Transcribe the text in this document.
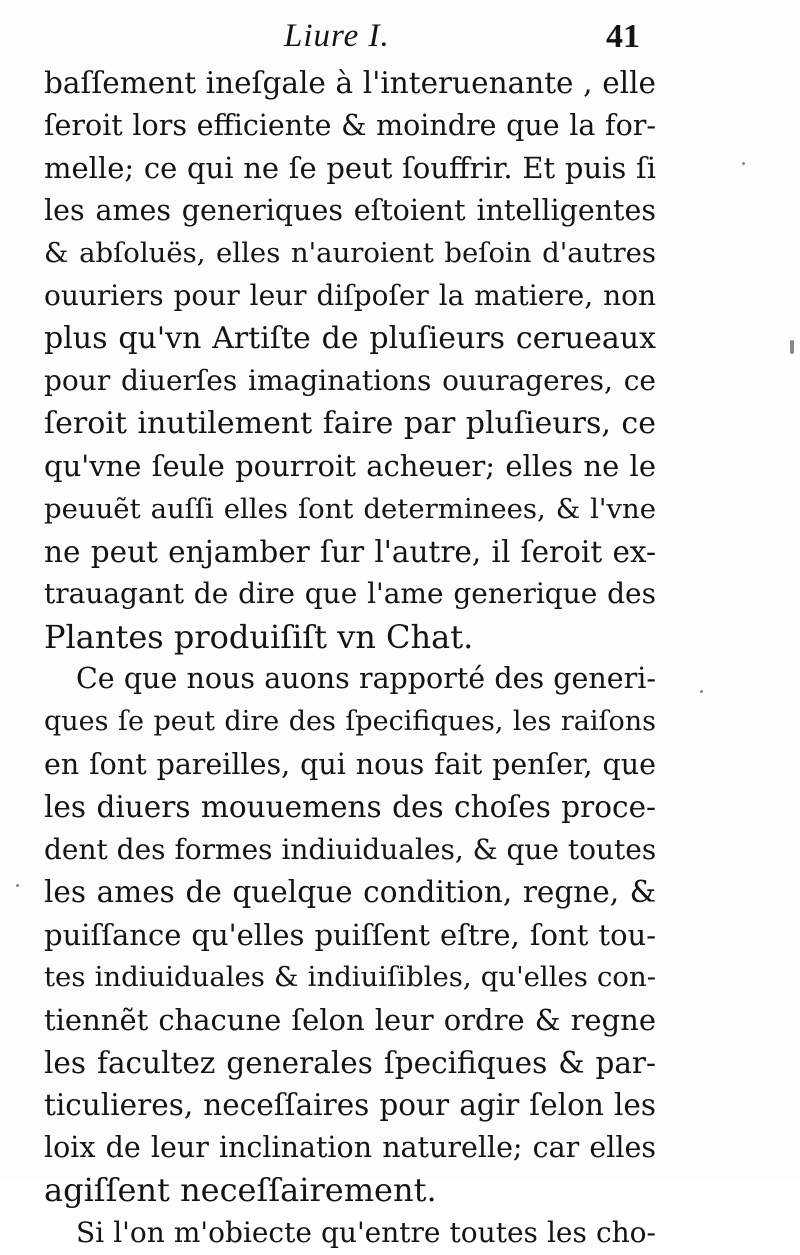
Liure I.	41
baſſement ineſgale à l'interuenante , elle
ſeroit lors efficiente & moindre que la for-
melle; ce qui ne ſe peut ſouffrir. Et puis ſi
les ames generiques eſtoient intelligentes
& abſoluës, elles n'auroient beſoin d'autres
ouuriers pour leur diſpoſer la matiere, non
plus qu'vn Artiſte de pluſieurs cerueaux
pour diuerſes imaginations ouurageres, ce
ſeroit inutilement faire par pluſieurs, ce
qu'vne ſeule pourroit acheuer; elles ne le
peuuẽt auſſi elles ſont determinees, & l'vne
ne peut enjamber ſur l'autre, il ſeroit ex-
trauagant de dire que l'ame generique des
Plantes produiſiſt vn Chat.
Ce que nous auons rapporté des generi-
ques ſe peut dire des ſpecifiques, les raiſons
en ſont pareilles, qui nous fait penſer, que
les diuers mouuemens des choſes proce-
dent des formes indiuiduales, & que toutes
les ames de quelque condition, regne, &
puiſſance qu'elles puiſſent eſtre, ſont tou-
tes indiuiduales & indiuiſibles, qu'elles con-
tiennẽt chacune ſelon leur ordre & regne
les facultez generales ſpecifiques & par-
ticulieres, neceſſaires pour agir ſelon les
loix de leur inclination naturelle; car elles
agiſſent neceſſairement.
Si l'on m'obiecte qu'entre toutes les cho-
